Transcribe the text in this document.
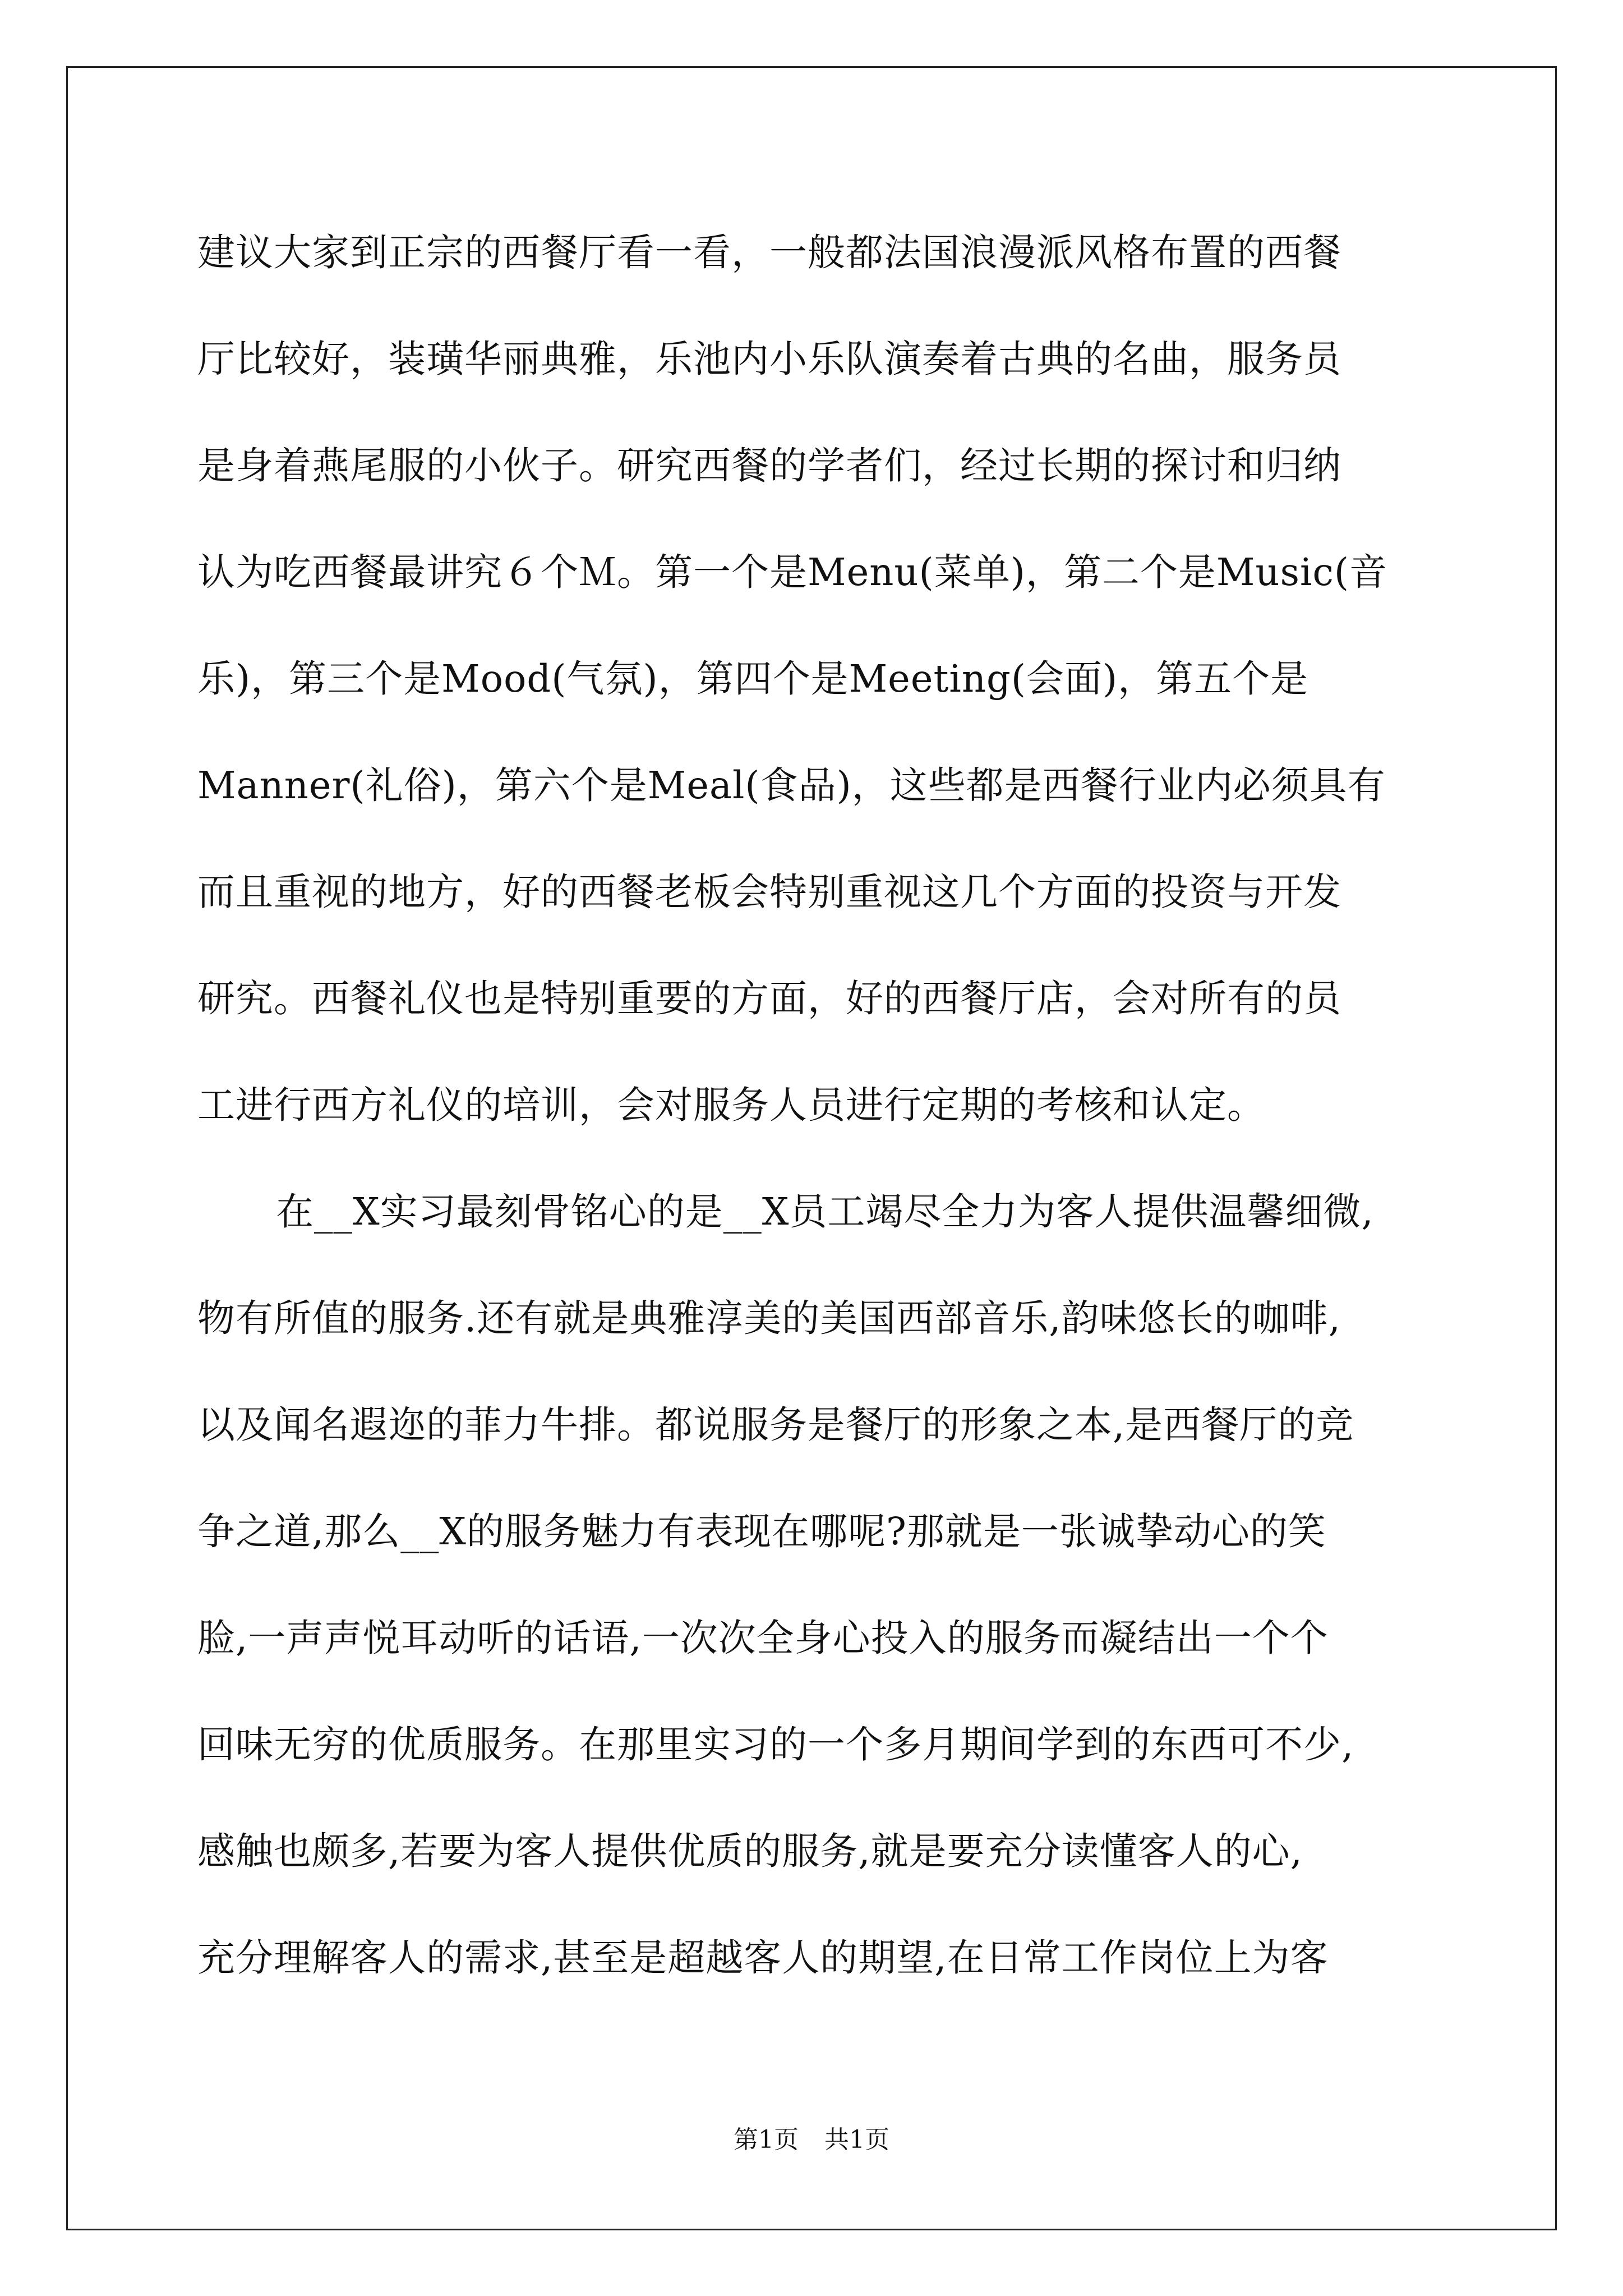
建议大家到正宗的西餐厅看一看，一般都法国浪漫派风格布置的西餐
厅比较好，装璜华丽典雅，乐池内小乐队演奏着古典的名曲，服务员
是身着燕尾服的小伙子。研究西餐的学者们，经过长期的探讨和归纳
认为吃西餐最讲究６个Ｍ。第一个是Menu(菜单)，第二个是Music(音
乐)，第三个是Mood(气氛)，第四个是Meeting(会面)，第五个是
Manner(礼俗)，第六个是Meal(食品)，这些都是西餐行业内必须具有
而且重视的地方，好的西餐老板会特别重视这几个方面的投资与开发
研究。西餐礼仪也是特别重要的方面，好的西餐厅店，会对所有的员
工进行西方礼仪的培训，会对服务人员进行定期的考核和认定。
在__X实习最刻骨铭心的是__X员工竭尽全力为客人提供温馨细微,
物有所值的服务.还有就是典雅淳美的美国西部音乐,韵味悠长的咖啡,
以及闻名遐迩的菲力牛排。都说服务是餐厅的形象之本,是西餐厅的竞
争之道,那么__X的服务魅力有表现在哪呢?那就是一张诚挚动心的笑
脸,一声声悦耳动听的话语,一次次全身心投入的服务而凝结出一个个
回味无穷的优质服务。在那里实习的一个多月期间学到的东西可不少,
感触也颇多,若要为客人提供优质的服务,就是要充分读懂客人的心,
充分理解客人的需求,甚至是超越客人的期望,在日常工作岗位上为客
第1页 共1页
